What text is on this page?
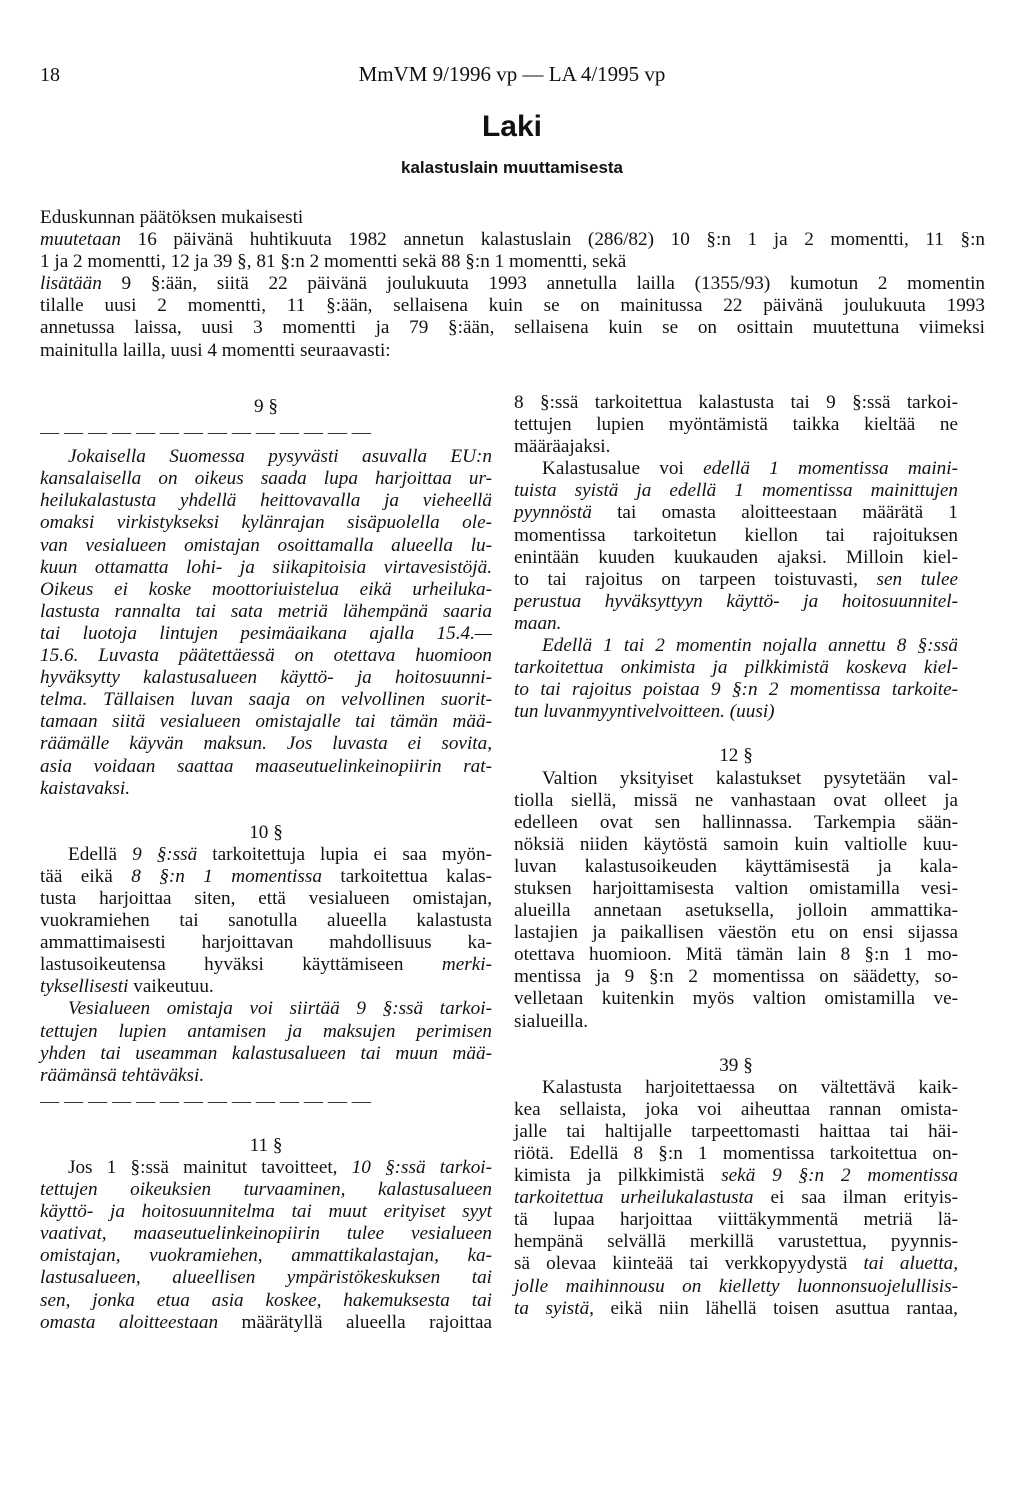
18	MmVM 9/1996 vp — LA 4/1995 vp
Laki
kalastuslain muuttamisesta
Eduskunnan päätöksen mukaisesti
muutetaan 16 päivänä huhtikuuta 1982 annetun kalastuslain (286/82) 10 §:n 1 ja 2 momentti, 11 §:n
1 ja 2 momentti, 12 ja 39 §, 81 §:n 2 momentti sekä 88 §:n 1 momentti, sekä
lisätään 9 §:ään, siitä 22 päivänä joulukuuta 1993 annetulla lailla (1355/93) kumotun 2 momentin
tilalle uusi 2 momentti, 11 §:ään, sellaisena kuin se on mainitussa 22 päivänä joulukuuta 1993
annetussa laissa, uusi 3 momentti ja 79 §:ään, sellaisena kuin se on osittain muutettuna viimeksi
mainitulla lailla, uusi 4 momentti seuraavasti:
9 §
— — — — — — — — — — — — — —
Jokaisella Suomessa pysyvästi asuvalla EU:n
kansalaisella on oikeus saada lupa harjoittaa ur-
heilukalastusta yhdellä heittovavalla ja vieheellä
omaksi virkistykseksi kylänrajan sisäpuolella ole-
van vesialueen omistajan osoittamalla alueella lu-
kuun ottamatta lohi- ja siikapitoisia virtavesistöjä.
Oikeus ei koske moottoriuistelua eikä urheiluka-
lastusta rannalta tai sata metriä lähempänä saaria
tai luotoja lintujen pesimäaikana ajalla 15.4.—
15.6. Luvasta päätettäessä on otettava huomioon
hyväksytty kalastusalueen käyttö- ja hoitosuunni-
telma. Tällaisen luvan saaja on velvollinen suorit-
tamaan siitä vesialueen omistajalle tai tämän mää-
räämälle käyvän maksun. Jos luvasta ei sovita,
asia voidaan saattaa maaseutuelinkeinopiirin rat-
kaistavaksi.
10 §
Edellä 9 §:ssä tarkoitettuja lupia ei saa myön-
tää eikä 8 §:n 1 momentissa tarkoitettua kalas-
tusta harjoittaa siten, että vesialueen omistajan,
vuokramiehen tai sanotulla alueella kalastusta
ammattimaisesti harjoittavan mahdollisuus ka-
lastusoikeutensa hyväksi käyttämiseen merki-
tyksellisesti vaikeutuu.
Vesialueen omistaja voi siirtää 9 §:ssä tarkoi-
tettujen lupien antamisen ja maksujen perimisen
yhden tai useamman kalastusalueen tai muun mää-
räämänsä tehtäväksi.
— — — — — — — — — — — — — —
11 §
Jos 1 §:ssä mainitut tavoitteet, 10 §:ssä tarkoi-
tettujen oikeuksien turvaaminen, kalastusalueen
käyttö- ja hoitosuunnitelma tai muut erityiset syyt
vaativat, maaseutuelinkeinopiirin tulee vesialueen
omistajan, vuokramiehen, ammattikalastajan, ka-
lastusalueen, alueellisen ympäristökeskuksen tai
sen, jonka etua asia koskee, hakemuksesta tai
omasta aloitteestaan määrätyllä alueella rajoittaa
8 §:ssä tarkoitettua kalastusta tai 9 §:ssä tarkoi-
tettujen lupien myöntämistä taikka kieltää ne
määräajaksi.
Kalastusalue voi edellä 1 momentissa maini-
tuista syistä ja edellä 1 momentissa mainittujen
pyynnöstä tai omasta aloitteestaan määrätä 1
momentissa tarkoitetun kiellon tai rajoituksen
enintään kuuden kuukauden ajaksi. Milloin kiel-
to tai rajoitus on tarpeen toistuvasti, sen tulee
perustua hyväksyttyyn käyttö- ja hoitosuunnitel-
maan.
Edellä 1 tai 2 momentin nojalla annettu 8 §:ssä
tarkoitettua onkimista ja pilkkimistä koskeva kiel-
to tai rajoitus poistaa 9 §:n 2 momentissa tarkoite-
tun luvanmyyntivelvoitteen. (uusi)
12 §
Valtion yksityiset kalastukset pysytetään val-
tiolla siellä, missä ne vanhastaan ovat olleet ja
edelleen ovat sen hallinnassa. Tarkempia sään-
nöksiä niiden käytöstä samoin kuin valtiolle kuu-
luvan kalastusoikeuden käyttämisestä ja kala-
stuksen harjoittamisesta valtion omistamilla vesi-
alueilla annetaan asetuksella, jolloin ammattika-
lastajien ja paikallisen väestön etu on ensi sijassa
otettava huomioon. Mitä tämän lain 8 §:n 1 mo-
mentissa ja 9 §:n 2 momentissa on säädetty, so-
velletaan kuitenkin myös valtion omistamilla ve-
sialueilla.
39 §
Kalastusta harjoitettaessa on vältettävä kaik-
kea sellaista, joka voi aiheuttaa rannan omista-
jalle tai haltijalle tarpeettomasti haittaa tai häi-
riötä. Edellä 8 §:n 1 momentissa tarkoitettua on-
kimista ja pilkkimistä sekä 9 §:n 2 momentissa
tarkoitettua urheilukalastusta ei saa ilman erityis-
tä lupaa harjoittaa viittäkymmentä metriä lä-
hempänä selvällä merkillä varustettua, pyynnis-
sä olevaa kiinteää tai verkkopyydystä tai aluetta,
jolle maihinnousu on kielletty luonnonsuojelullisis-
ta syistä, eikä niin lähellä toisen asuttua rantaa,
